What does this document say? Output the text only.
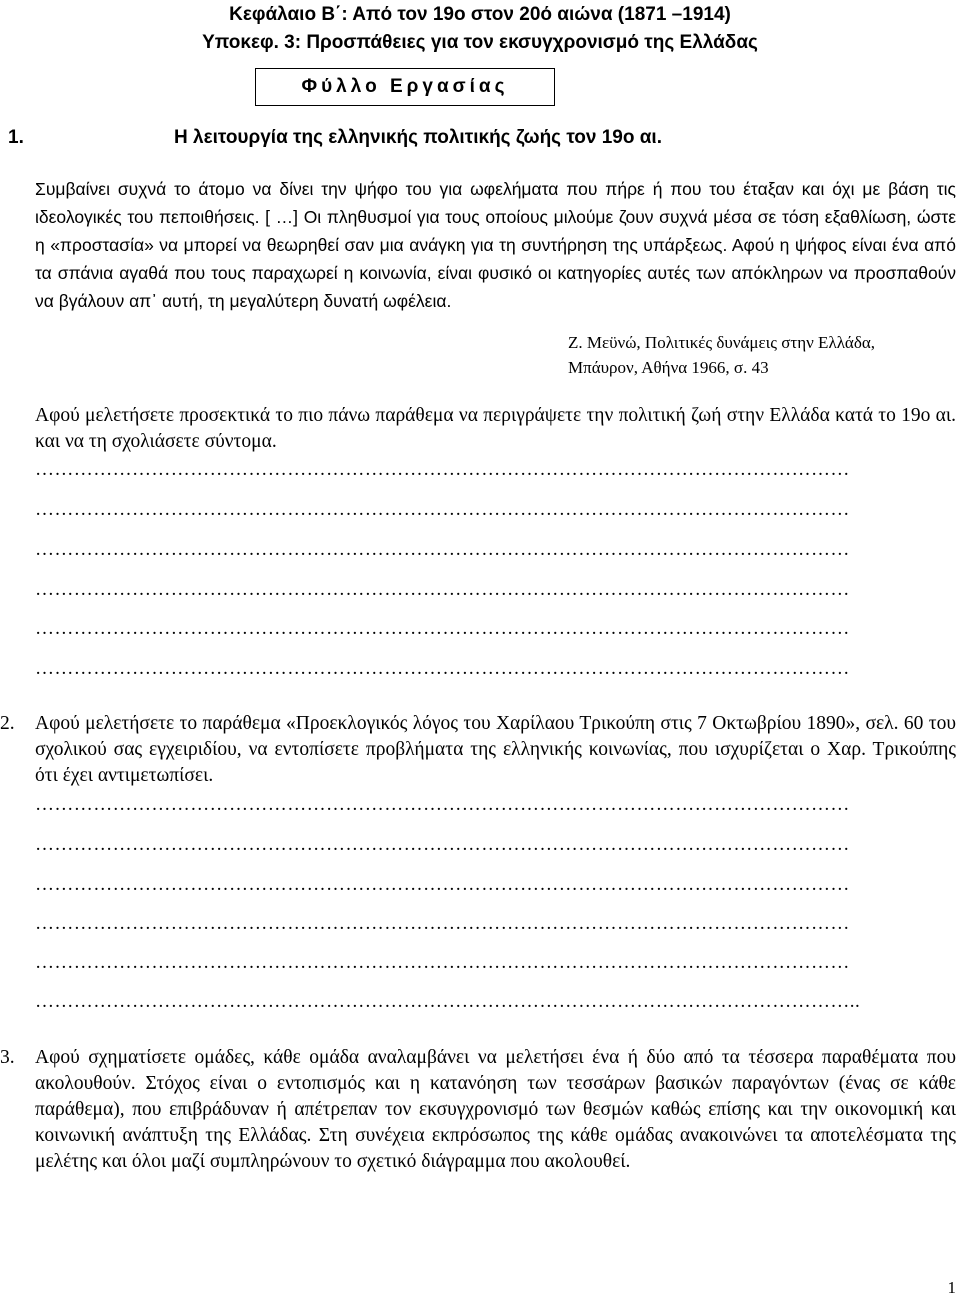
Κεφάλαιο Β΄: Από τον 19ο στον 20ό αιώνα (1871 –1914)
Υποκεφ. 3: Προσπάθειες για τον εκσυγχρονισμό της Ελλάδας
Φύλλο Εργασίας
1.	Η λειτουργία της ελληνικής πολιτικής ζωής τον 19ο αι.
Συμβαίνει συχνά το άτομο να δίνει την ψήφο του για ωφελήματα που πήρε ή που του έταξαν και όχι με βάση τις ιδεολογικές του πεποιθήσεις. [ …] Οι πληθυσμοί για τους οποίους μιλούμε ζουν συχνά μέσα σε τόση εξαθλίωση, ώστε η «προστασία» να μπορεί να θεωρηθεί σαν μια ανάγκη για τη συντήρηση της υπάρξεως. Αφού η ψήφος είναι ένα από τα σπάνια αγαθά που τους παραχωρεί η κοινωνία, είναι φυσικό οι κατηγορίες αυτές των απόκληρων να προσπαθούν να βγάλουν απ᾽ αυτή, τη μεγαλύτερη δυνατή ωφέλεια.
Ζ. Μεϋνώ, Πολιτικές δυνάμεις στην Ελλάδα,
Μπάυρον, Αθήνα 1966, σ. 43
Αφού μελετήσετε προσεκτικά το πιο πάνω παράθεμα να περιγράψετε την πολιτική ζωή στην Ελλάδα κατά το 19ο αι. και να τη σχολιάσετε σύντομα.
………………………………………………………………………………………………………………
………………………………………………………………………………………………………………
………………………………………………………………………………………………………………
………………………………………………………………………………………………………………
………………………………………………………………………………………………………………
………………………………………………………………………………………………………………
2. Αφού μελετήσετε το παράθεμα «Προεκλογικός λόγος του Χαρίλαου Τρικούπη στις 7 Οκτωβρίου 1890», σελ. 60 του σχολικού σας εγχειριδίου, να εντοπίσετε προβλήματα της ελληνικής κοινωνίας, που ισχυρίζεται ο Χαρ. Τρικούπης ότι έχει αντιμετωπίσει.
………………………………………………………………………………………………………………
………………………………………………………………………………………………………………
………………………………………………………………………………………………………………
………………………………………………………………………………………………………………
………………………………………………………………………………………………………………
………………………………………………………………………………………………………………..
3. Αφού σχηματίσετε ομάδες, κάθε ομάδα αναλαμβάνει να μελετήσει ένα ή δύο από τα τέσσερα παραθέματα που ακολουθούν. Στόχος είναι ο εντοπισμός και η κατανόηση των τεσσάρων βασικών παραγόντων (ένας σε κάθε παράθεμα), που επιβράδυναν ή απέτρεπαν τον εκσυγχρονισμό των θεσμών καθώς επίσης και την οικονομική και κοινωνική ανάπτυξη της Ελλάδας. Στη συνέχεια εκπρόσωπος της κάθε ομάδας ανακοινώνει τα αποτελέσματα της μελέτης και όλοι μαζί συμπληρώνουν το σχετικό διάγραμμα που ακολουθεί.
1
